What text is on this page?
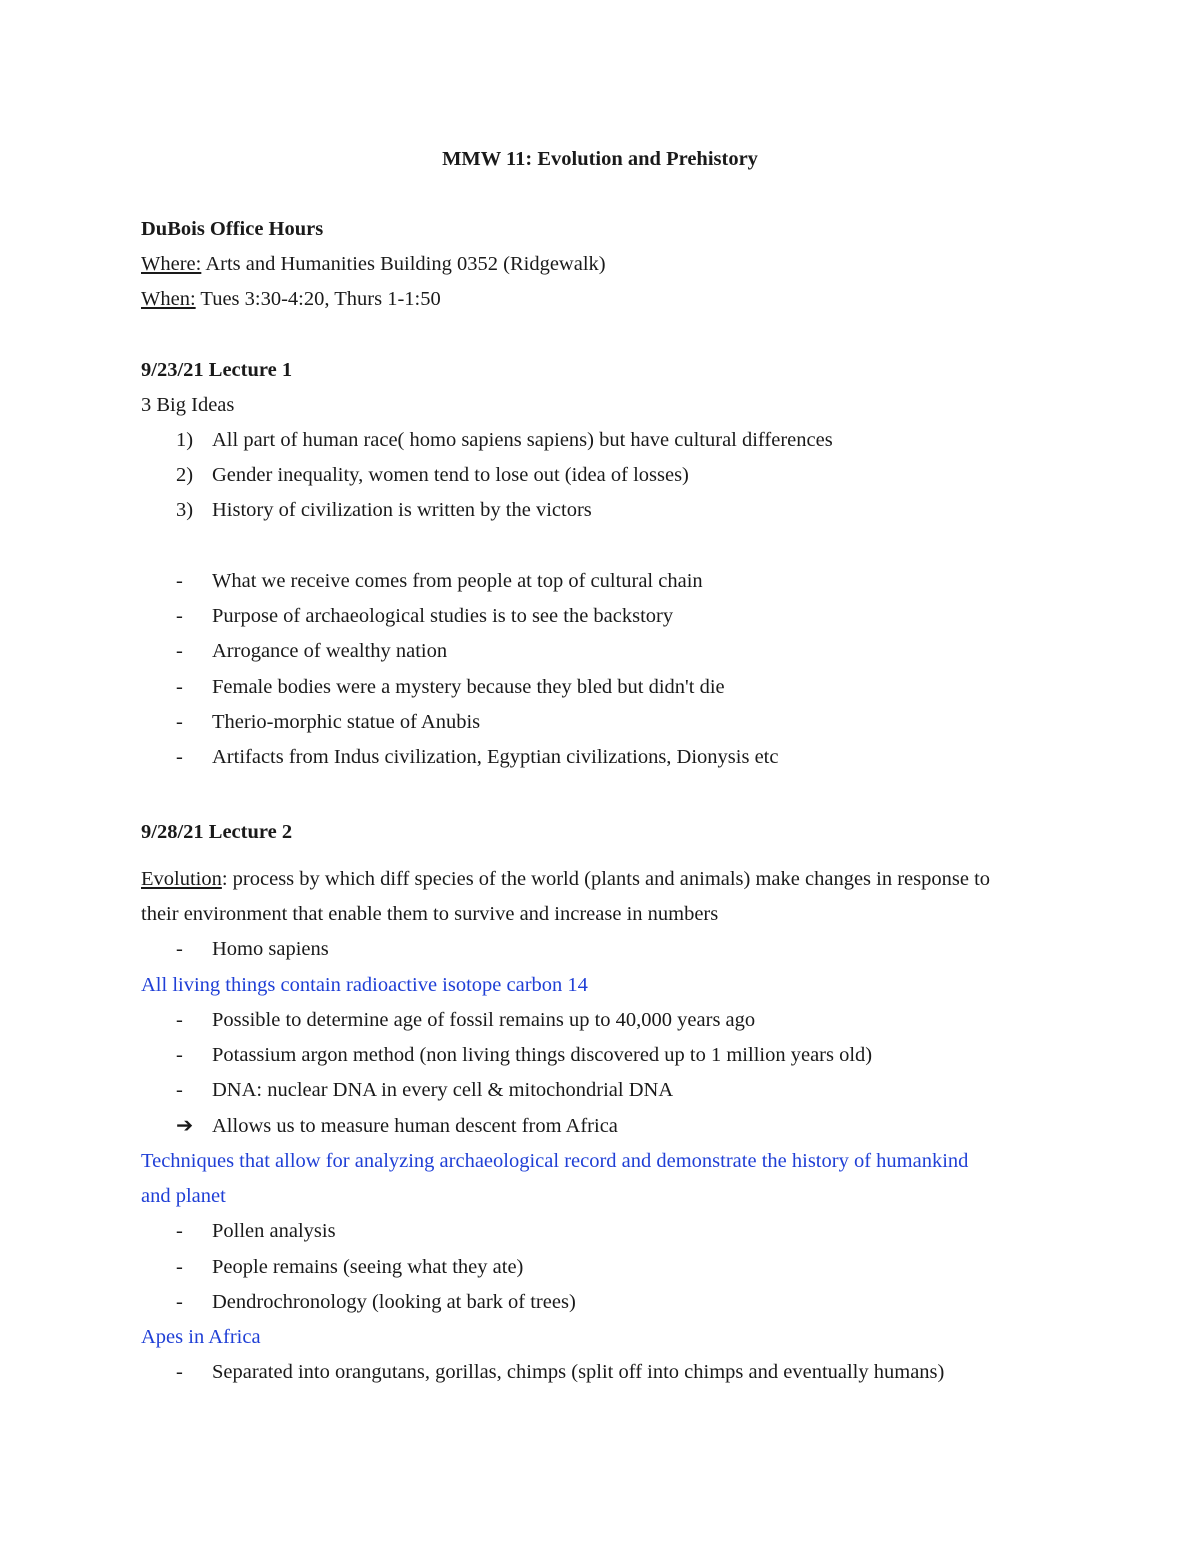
MMW 11: Evolution and Prehistory
DuBois Office Hours
Where: Arts and Humanities Building 0352 (Ridgewalk)
When: Tues 3:30-4:20, Thurs 1-1:50
9/23/21 Lecture 1
3 Big Ideas
1) All part of human race( homo sapiens sapiens) but have cultural differences
2) Gender inequality, women tend to lose out (idea of losses)
3) History of civilization is written by the victors
- What we receive comes from people at top of cultural chain
- Purpose of archaeological studies is to see the backstory
- Arrogance of wealthy nation
- Female bodies were a mystery because they bled but didn't die
- Therio-morphic statue of Anubis
- Artifacts from Indus civilization, Egyptian civilizations, Dionysis etc
9/28/21 Lecture 2
Evolution: process by which diff species of the world (plants and animals) make changes in response to
their environment that enable them to survive and increase in numbers
- Homo sapiens
All living things contain radioactive isotope carbon 14
- Possible to determine age of fossil remains up to 40,000 years ago
- Potassium argon method (non living things discovered up to 1 million years old)
- DNA: nuclear DNA in every cell & mitochondrial DNA
➔ Allows us to measure human descent from Africa
Techniques that allow for analyzing archaeological record and demonstrate the history of humankind
and planet
- Pollen analysis
- People remains (seeing what they ate)
- Dendrochronology (looking at bark of trees)
Apes in Africa
- Separated into orangutans, gorillas, chimps (split off into chimps and eventually humans)
